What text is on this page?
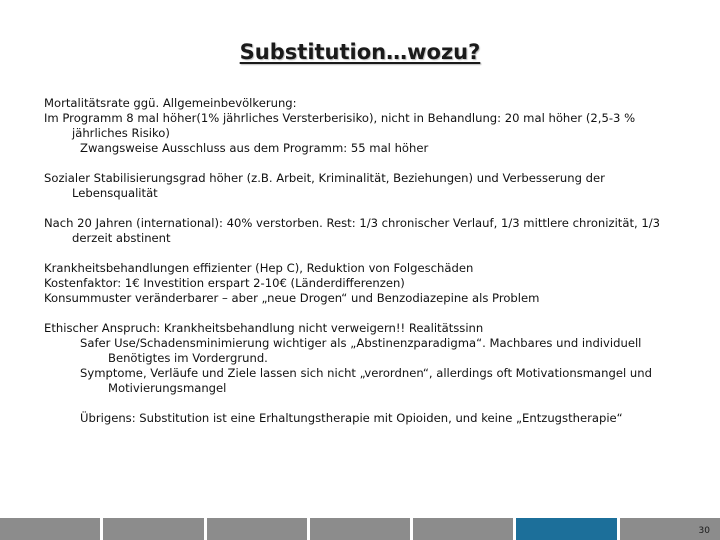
Substitution…wozu?
Mortalitätsrate ggü. Allgemeinbevölkerung:
Im Programm 8 mal höher(1% jährliches Versterberisiko), nicht in Behandlung: 20 mal höher (2,5-3 % jährliches Risiko)
Zwangsweise Ausschluss aus dem Programm: 55 mal höher
Sozialer Stabilisierungsgrad höher (z.B. Arbeit, Kriminalität, Beziehungen) und Verbesserung der Lebensqualität
Nach 20 Jahren (international): 40% verstorben. Rest: 1/3 chronischer Verlauf, 1/3 mittlere chronizität, 1/3 derzeit abstinent
Krankheitsbehandlungen effizienter (Hep C), Reduktion von Folgeschäden
Kostenfaktor: 1€ Investition erspart 2-10€ (Länderdifferenzen)
Konsummuster veränderbarer – aber „neue Drogen“ und Benzodiazepine als Problem
Ethischer Anspruch: Krankheitsbehandlung nicht verweigern!! Realitätssinn
Safer Use/Schadensminimierung wichtiger als „Abstinenzparadigma“. Machbares und individuell Benötigtes im Vordergrund.
Symptome, Verläufe und Ziele lassen sich nicht „verordnen“, allerdings oft Motivationsmangel und Motivierungsmangel
Übrigens: Substitution ist eine Erhaltungstherapie mit Opioiden, und keine „Entzugstherapie“
30
